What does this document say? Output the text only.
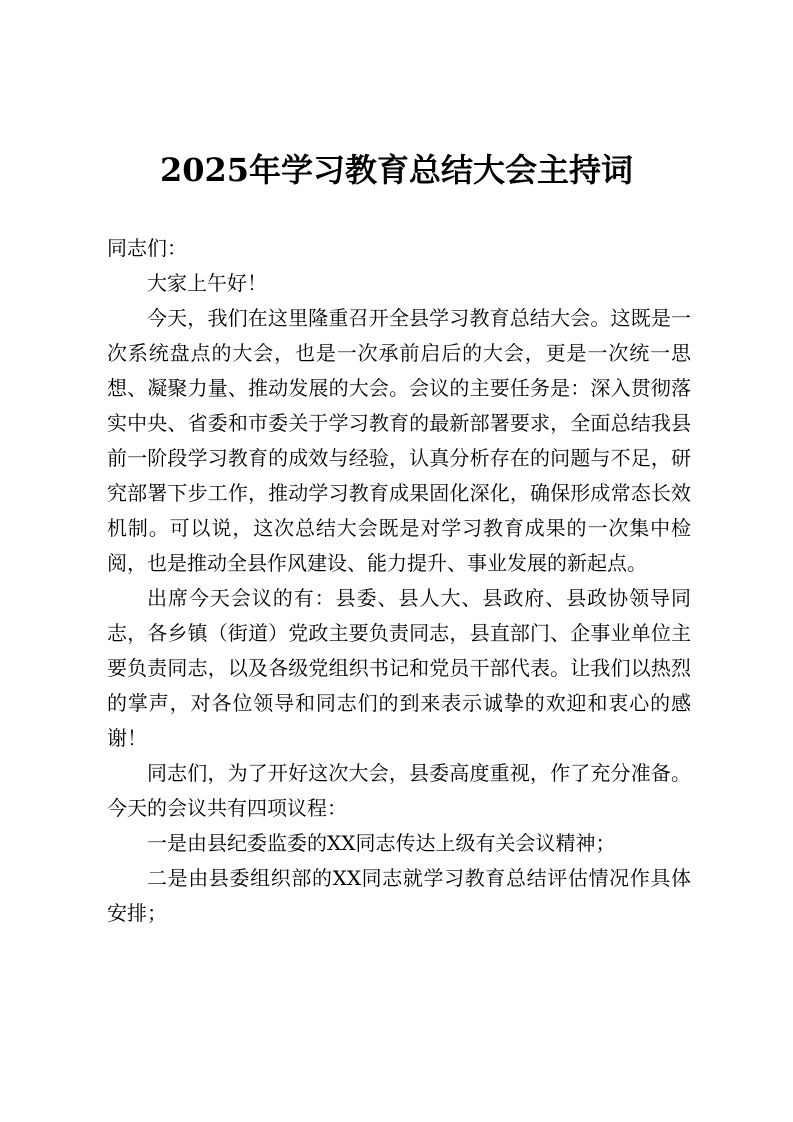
2025年学习教育总结大会主持词

同志们：

大家上午好！

今天，我们在这里隆重召开全县学习教育总结大会。这既是一次系统盘点的大会，也是一次承前启后的大会，更是一次统一思想、凝聚力量、推动发展的大会。会议的主要任务是：深入贯彻落实中央、省委和市委关于学习教育的最新部署要求，全面总结我县前一阶段学习教育的成效与经验，认真分析存在的问题与不足，研究部署下步工作，推动学习教育成果固化深化，确保形成常态长效机制。可以说，这次总结大会既是对学习教育成果的一次集中检阅，也是推动全县作风建设、能力提升、事业发展的新起点。

出席今天会议的有：县委、县人大、县政府、县政协领导同志，各乡镇（街道）党政主要负责同志，县直部门、企事业单位主要负责同志，以及各级党组织书记和党员干部代表。让我们以热烈的掌声，对各位领导和同志们的到来表示诚挚的欢迎和衷心的感谢！

同志们，为了开好这次大会，县委高度重视，作了充分准备。今天的会议共有四项议程：

一是由县纪委监委的XX同志传达上级有关会议精神；

二是由县委组织部的XX同志就学习教育总结评估情况作具体安排；
